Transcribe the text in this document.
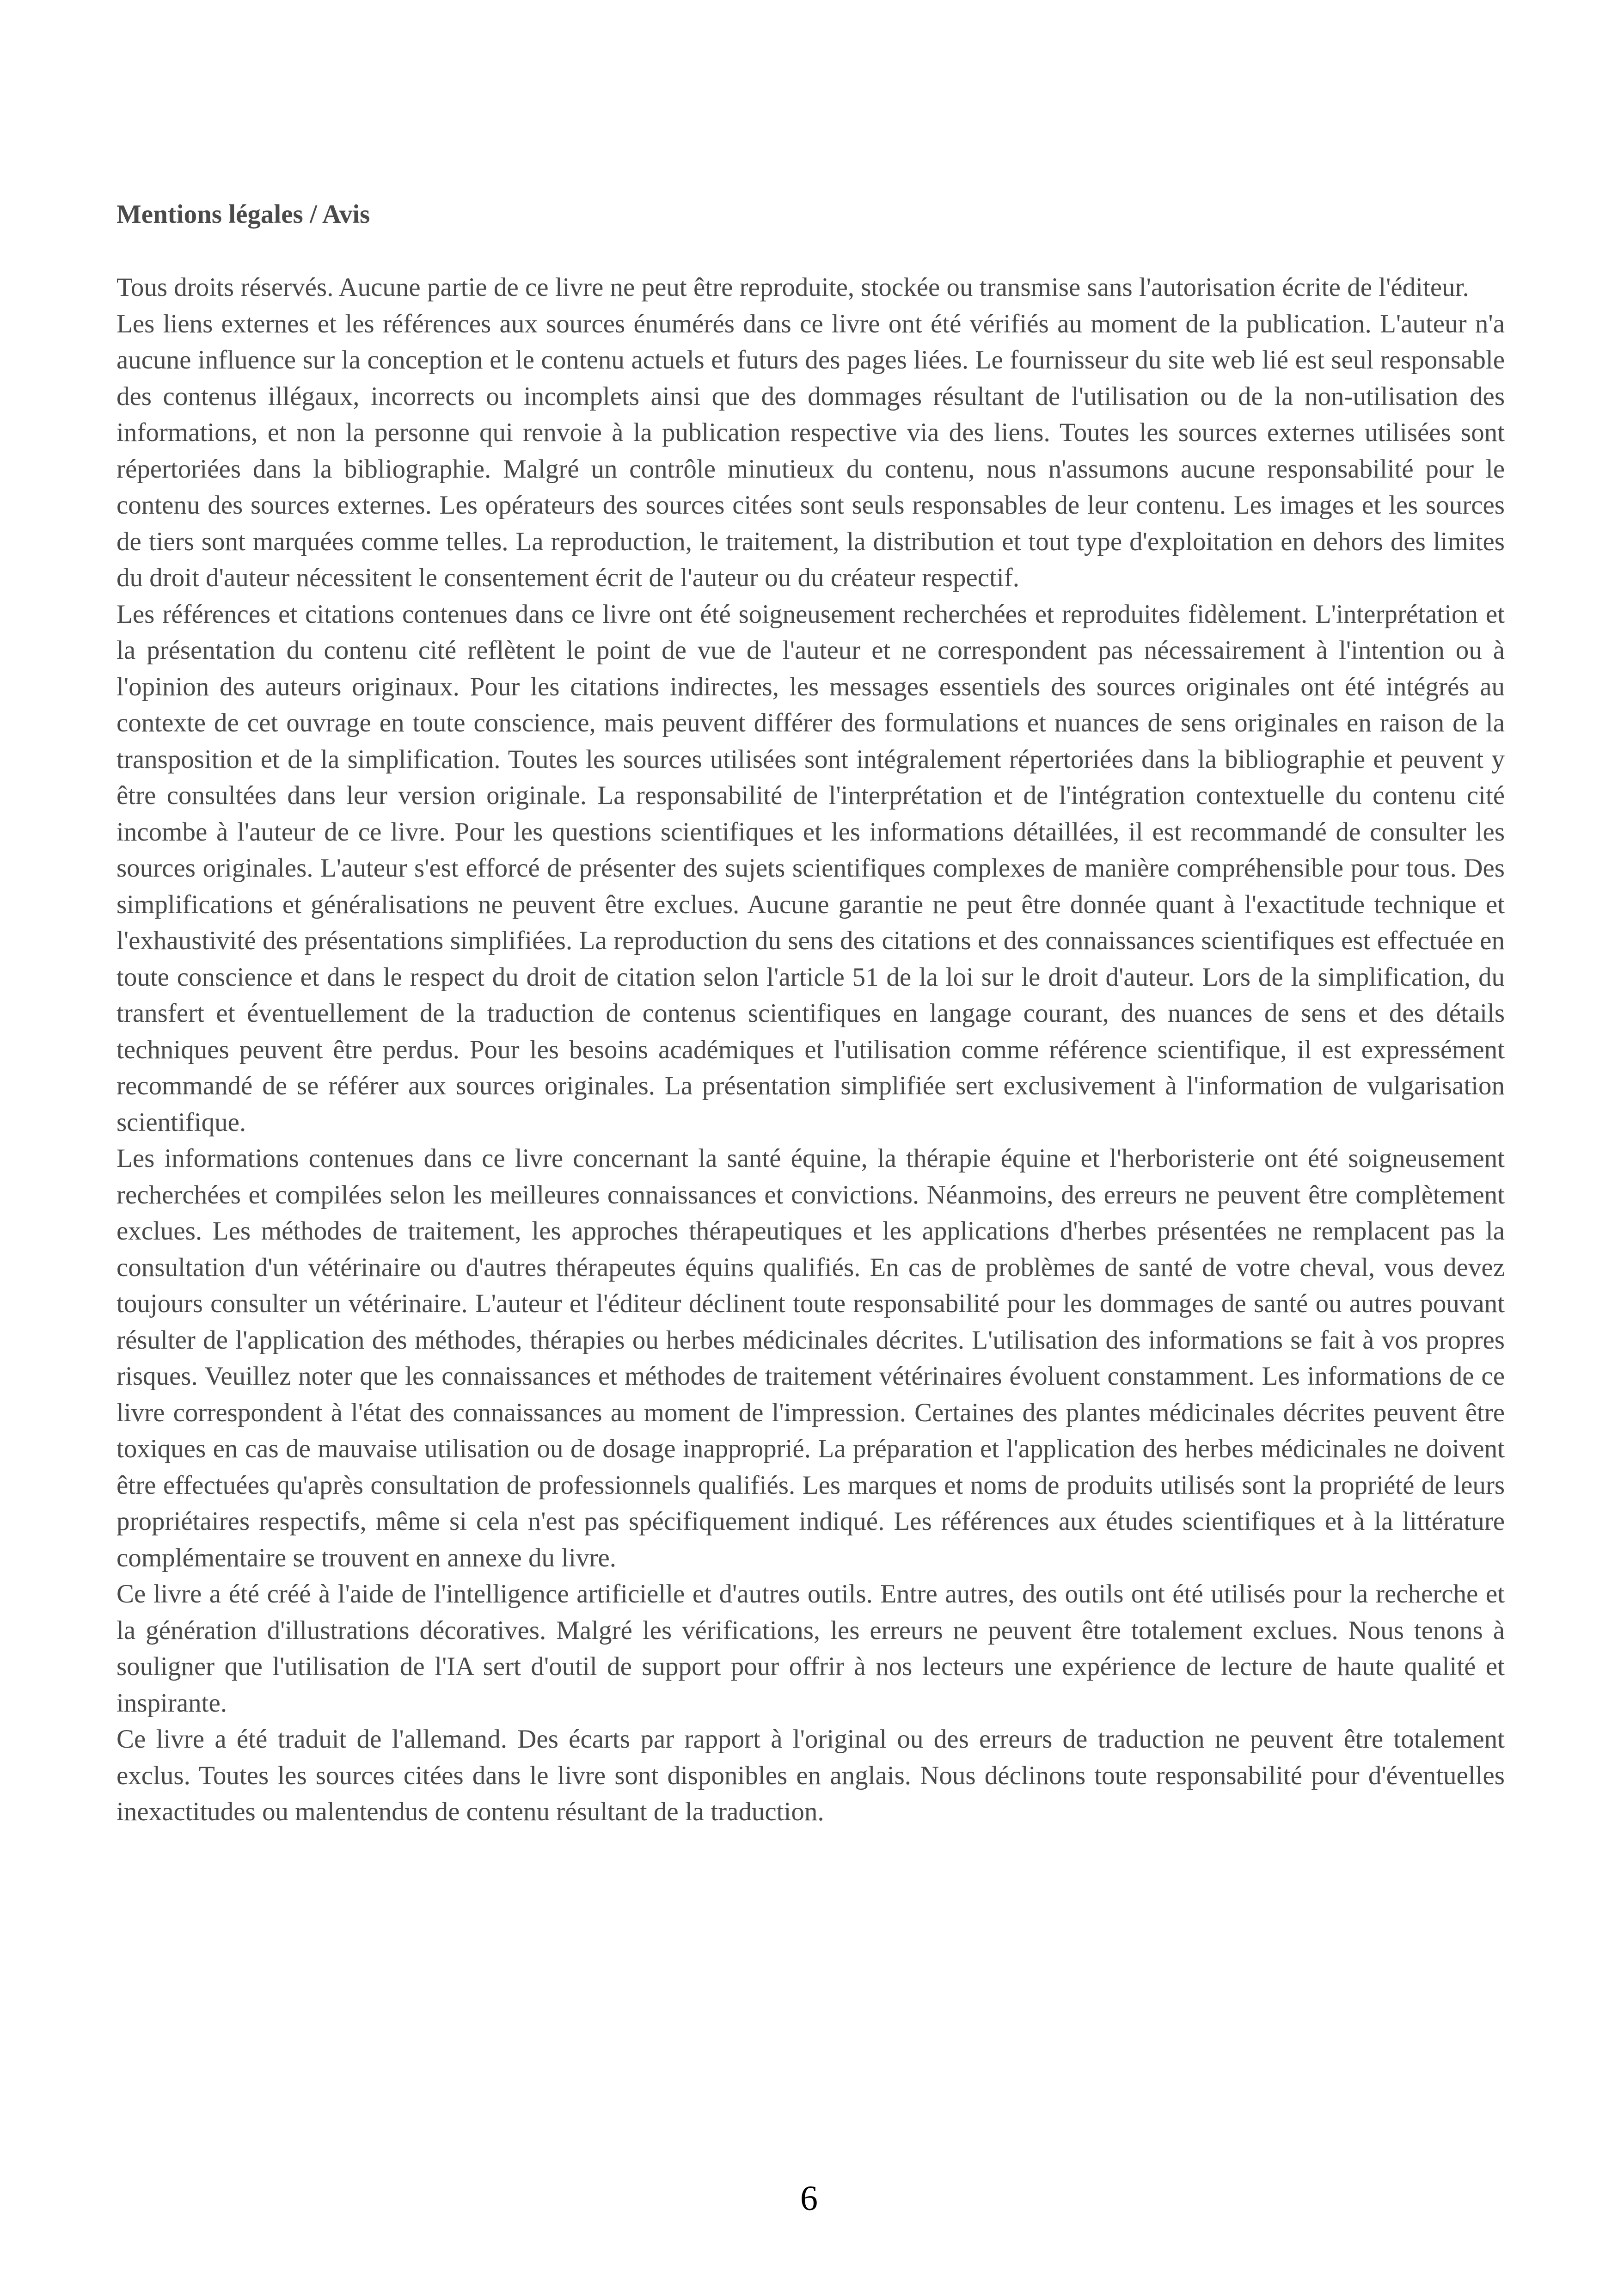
Mentions légales / Avis

Tous droits réservés. Aucune partie de ce livre ne peut être reproduite, stockée ou transmise sans l'autorisation écrite de l'éditeur.

Les liens externes et les références aux sources énumérés dans ce livre ont été vérifiés au moment de la publication. L'auteur n'a aucune influence sur la conception et le contenu actuels et futurs des pages liées. Le fournisseur du site web lié est seul responsable des contenus illégaux, incorrects ou incomplets ainsi que des dommages résultant de l'utilisation ou de la non-utilisation des informations, et non la personne qui renvoie à la publication respective via des liens. Toutes les sources externes utilisées sont répertoriées dans la bibliographie. Malgré un contrôle minutieux du contenu, nous n'assumons aucune responsabilité pour le contenu des sources externes. Les opérateurs des sources citées sont seuls responsables de leur contenu. Les images et les sources de tiers sont marquées comme telles. La reproduction, le traitement, la distribution et tout type d'exploitation en dehors des limites du droit d'auteur nécessitent le consentement écrit de l'auteur ou du créateur respectif.

Les références et citations contenues dans ce livre ont été soigneusement recherchées et reproduites fidèlement. L'interprétation et la présentation du contenu cité reflètent le point de vue de l'auteur et ne correspondent pas nécessairement à l'intention ou à l'opinion des auteurs originaux. Pour les citations indirectes, les messages essentiels des sources originales ont été intégrés au contexte de cet ouvrage en toute conscience, mais peuvent différer des formulations et nuances de sens originales en raison de la transposition et de la simplification. Toutes les sources utilisées sont intégralement répertoriées dans la bibliographie et peuvent y être consultées dans leur version originale. La responsabilité de l'interprétation et de l'intégration contextuelle du contenu cité incombe à l'auteur de ce livre. Pour les questions scientifiques et les informations détaillées, il est recommandé de consulter les sources originales. L'auteur s'est efforcé de présenter des sujets scientifiques complexes de manière compréhensible pour tous. Des simplifications et généralisations ne peuvent être exclues. Aucune garantie ne peut être donnée quant à l'exactitude technique et l'exhaustivité des présentations simplifiées. La reproduction du sens des citations et des connaissances scientifiques est effectuée en toute conscience et dans le respect du droit de citation selon l'article 51 de la loi sur le droit d'auteur. Lors de la simplification, du transfert et éventuellement de la traduction de contenus scientifiques en langage courant, des nuances de sens et des détails techniques peuvent être perdus. Pour les besoins académiques et l'utilisation comme référence scientifique, il est expressément recommandé de se référer aux sources originales. La présentation simplifiée sert exclusivement à l'information de vulgarisation scientifique.

Les informations contenues dans ce livre concernant la santé équine, la thérapie équine et l'herboristerie ont été soigneusement recherchées et compilées selon les meilleures connaissances et convictions. Néanmoins, des erreurs ne peuvent être complètement exclues. Les méthodes de traitement, les approches thérapeutiques et les applications d'herbes présentées ne remplacent pas la consultation d'un vétérinaire ou d'autres thérapeutes équins qualifiés. En cas de problèmes de santé de votre cheval, vous devez toujours consulter un vétérinaire. L'auteur et l'éditeur déclinent toute responsabilité pour les dommages de santé ou autres pouvant résulter de l'application des méthodes, thérapies ou herbes médicinales décrites. L'utilisation des informations se fait à vos propres risques. Veuillez noter que les connaissances et méthodes de traitement vétérinaires évoluent constamment. Les informations de ce livre correspondent à l'état des connaissances au moment de l'impression. Certaines des plantes médicinales décrites peuvent être toxiques en cas de mauvaise utilisation ou de dosage inapproprié. La préparation et l'application des herbes médicinales ne doivent être effectuées qu'après consultation de professionnels qualifiés. Les marques et noms de produits utilisés sont la propriété de leurs propriétaires respectifs, même si cela n'est pas spécifiquement indiqué. Les références aux études scientifiques et à la littérature complémentaire se trouvent en annexe du livre.

Ce livre a été créé à l'aide de l'intelligence artificielle et d'autres outils. Entre autres, des outils ont été utilisés pour la recherche et la génération d'illustrations décoratives. Malgré les vérifications, les erreurs ne peuvent être totalement exclues. Nous tenons à souligner que l'utilisation de l'IA sert d'outil de support pour offrir à nos lecteurs une expérience de lecture de haute qualité et inspirante.

Ce livre a été traduit de l'allemand. Des écarts par rapport à l'original ou des erreurs de traduction ne peuvent être totalement exclus. Toutes les sources citées dans le livre sont disponibles en anglais. Nous déclinons toute responsabilité pour d'éventuelles inexactitudes ou malentendus de contenu résultant de la traduction.

6
